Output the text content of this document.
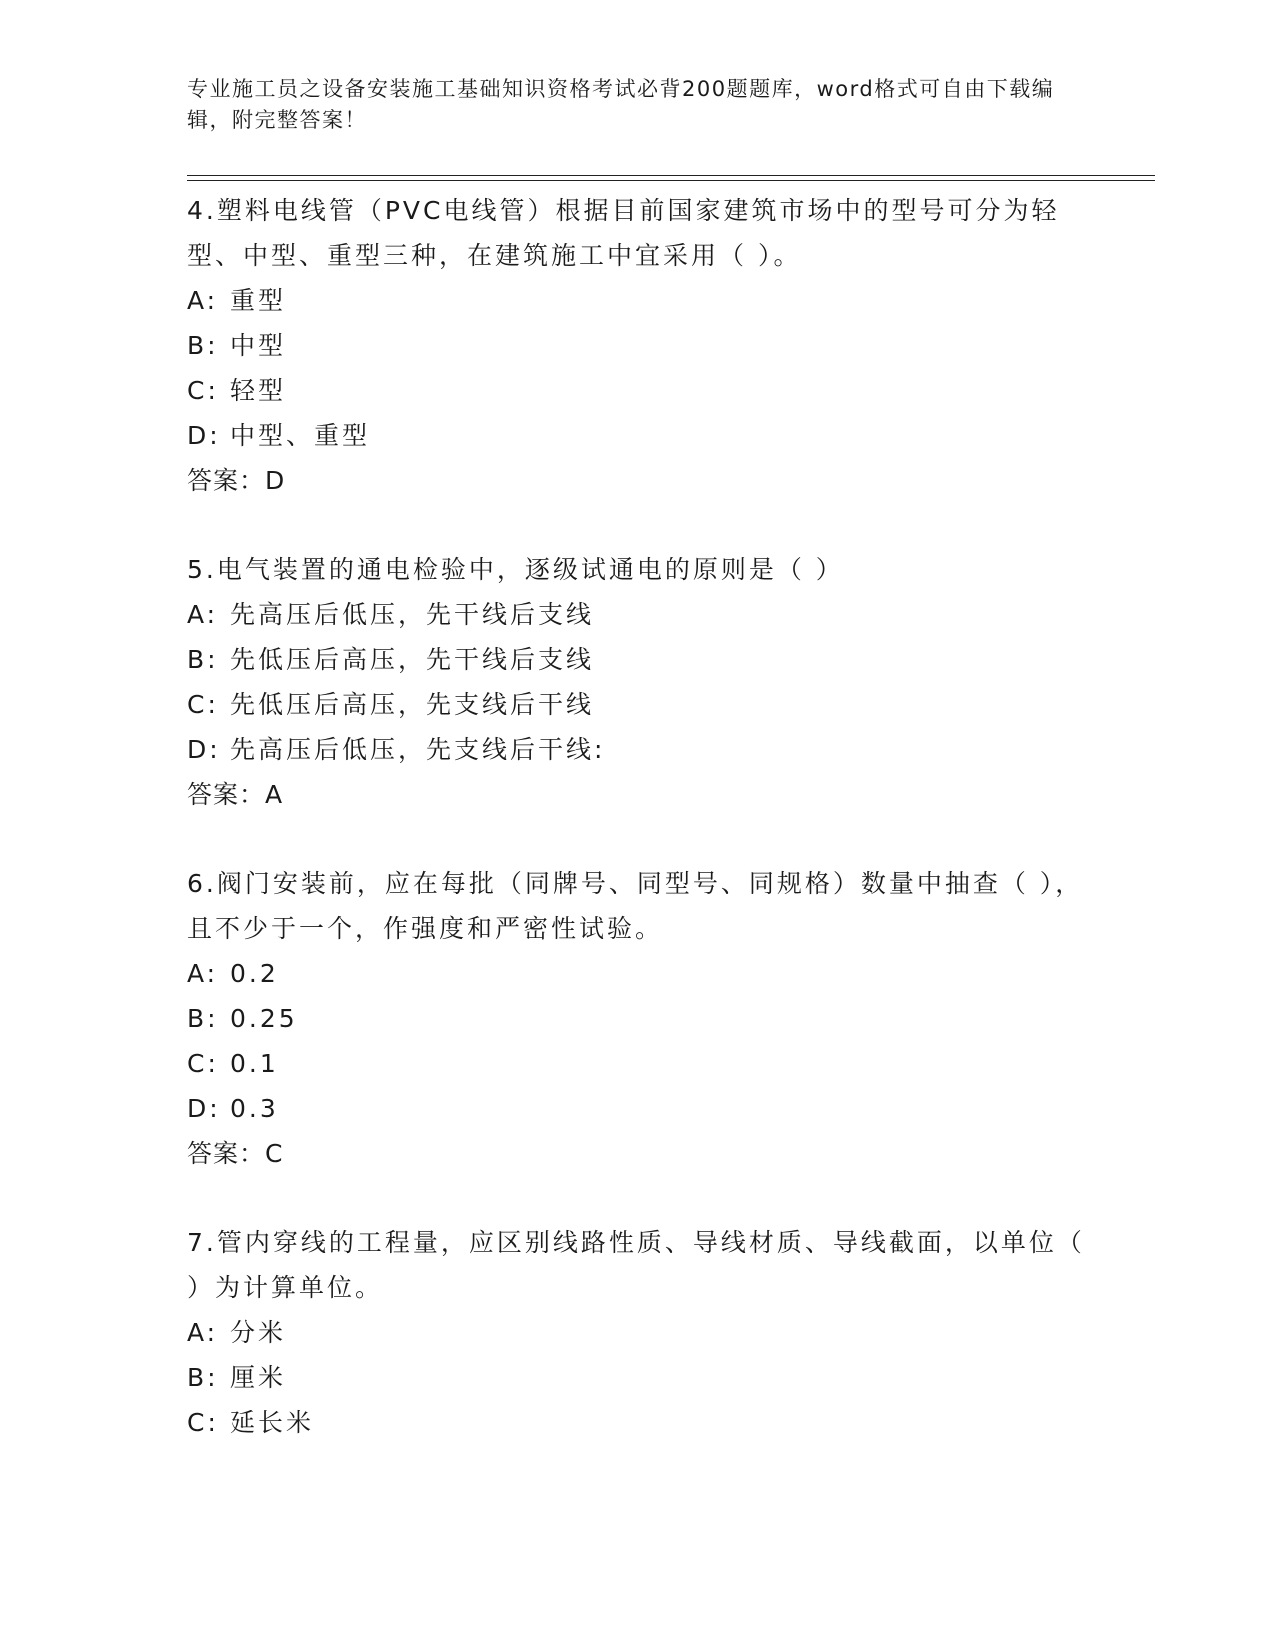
专业施工员之设备安装施工基础知识资格考试必背200题题库，word格式可自由下载编辑，附完整答案！

4.塑料电线管（PVC电线管）根据目前国家建筑市场中的型号可分为轻型、中型、重型三种，在建筑施工中宜采用（ ）。

A: 重型
B: 中型
C: 轻型
D: 中型、重型
答案：D

5.电气装置的通电检验中，逐级试通电的原则是（ ）

A: 先高压后低压，先干线后支线
B: 先低压后高压，先干线后支线
C: 先低压后高压，先支线后干线
D: 先高压后低压，先支线后干线:
答案：A

6.阀门安装前，应在每批（同牌号、同型号、同规格）数量中抽查（ ），且不少于一个，作强度和严密性试验。

A: 0.2
B: 0.25
C: 0.1
D: 0.3
答案：C

7.管内穿线的工程量，应区别线路性质、导线材质、导线截面，以单位（ ）为计算单位。

A: 分米
B: 厘米
C: 延长米
